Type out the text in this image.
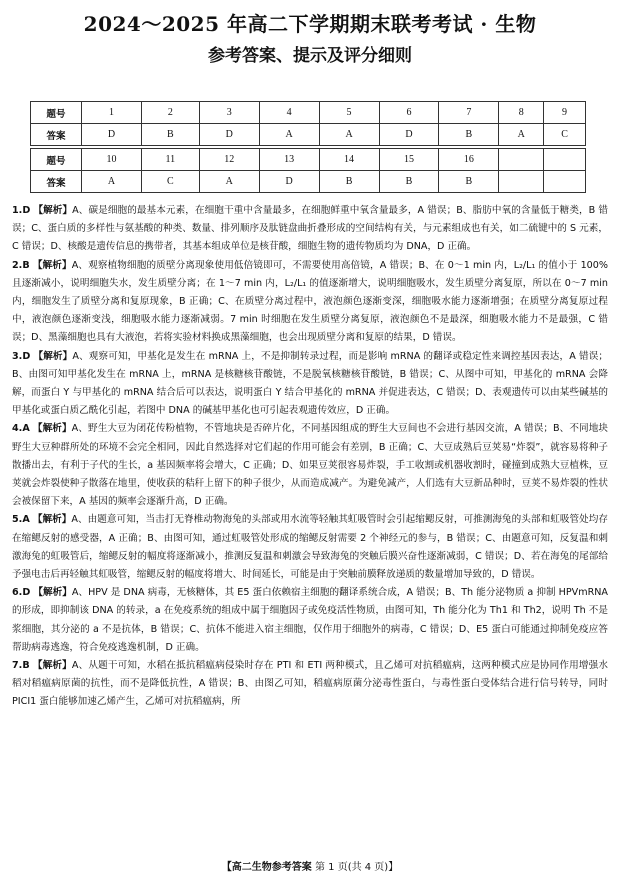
2024～2025 年高二下学期期末联考考试 · 生物
参考答案、提示及评分细则
题号	1	2	3	4	5	6	7	8	9
答案	D	B	D	A	A	D	B	A	C

题号	10	11	12	13	14	15	16		
答案	A	C	A	D	B	B	B		

1.D 【解析】A、碳是细胞的最基本元素，在细胞干重中含量最多，在细胞鲜重中氧含量最多，A 错误；B、脂肪中氧的含量低于糖类，B 错误；C、蛋白质的多样性与氨基酸的种类、数量、排列顺序及肽链盘曲折叠形成的空间结构有关，与元素组成也有关，如二硫键中的 S 元素，C 错误；D、核酸是遗传信息的携带者，其基本组成单位是核苷酸，细胞生物的遗传物质均为 DNA，D 正确。

2.B 【解析】A、观察植物细胞的质壁分离现象使用低倍镜即可，不需要使用高倍镜，A 错误；B、在 0～1 min 内，L₂/L₁ 的值小于 100%且逐渐减小，说明细胞失水，发生质壁分离；在 1～7 min 内，L₂/L₁ 的值逐渐增大，说明细胞吸水，发生质壁分离复原，所以在 0～7 min 内，细胞发生了质壁分离和复原现象，B 正确；C、在质壁分离过程中，液泡颜色逐渐变深，细胞吸水能力逐渐增强；在质壁分离复原过程中，液泡颜色逐渐变浅，细胞吸水能力逐渐减弱。7 min 时细胞在发生质壁分离复原，液泡颜色不是最深，细胞吸水能力不是最强，C 错误；D、黑藻细胞也具有大液泡，若将实验材料换成黑藻细胞，也会出现质壁分离和复原的结果，D 错误。

3.D 【解析】A、观察可知，甲基化是发生在 mRNA 上，不是抑制转录过程，而是影响 mRNA 的翻译或稳定性来调控基因表达，A 错误；B、由图可知甲基化发生在 mRNA 上，mRNA 是核糖核苷酸链，不是脱氧核糖核苷酸链，B 错误；C、从图中可知，甲基化的 mRNA 会降解，而蛋白 Y 与甲基化的 mRNA 结合后可以表达，说明蛋白 Y 结合甲基化的 mRNA 并促进表达，C 错误；D、表观遗传可以由某些碱基的甲基化或蛋白质乙酰化引起，若图中 DNA 的碱基甲基化也可引起表观遗传效应，D 正确。

4.A 【解析】A、野生大豆为闭花传粉植物，不管地块是否碎片化，不同基因组成的野生大豆间也不会进行基因交流，A 错误；B、不同地块野生大豆种群所处的环境不会完全相同，因此自然选择对它们起的作用可能会有差别，B 正确；C、大豆成熟后豆荚易“炸裂”，就容易将种子散播出去，有利于子代的生长，a 基因频率将会增大，C 正确；D、如果豆荚很容易炸裂，手工收割或机器收割时，碰撞到成熟大豆植株，豆荚就会炸裂使种子散落在地里，使收获的秸秆上留下的种子很少，从而造成减产。为避免减产，人们选有大豆新品种时，豆荚不易炸裂的性状会被保留下来，A 基因的频率会逐渐升高，D 正确。

5.A 【解析】A、由题意可知，当击打无脊椎动物海兔的头部或用水流等轻触其虹吸管时会引起缩鳃反射，可推测海兔的头部和虹吸管处均存在缩鳃反射的感受器，A 正确；B、由图可知，通过虹吸管处形成的缩鳃反射需要 2 个神经元的参与，B 错误；C、由题意可知，反复温和刺激海兔的虹吸管后，缩鳃反射的幅度将逐渐减小，推测反复温和刺激会导致海兔的突触后膜兴奋性逐渐减弱，C 错误；D、若在海兔的尾部给予强电击后再轻触其虹吸管，缩鳃反射的幅度将增大、时间延长，可能是由于突触前膜释放递质的数量增加导致的，D 错误。

6.D 【解析】A、HPV 是 DNA 病毒，无核糖体，其 E5 蛋白依赖宿主细胞的翻译系统合成，A 错误；B、Th 能分泌物质 a 抑制 HPVmRNA 的形成，即抑制该 DNA 的转录，a 在免疫系统的组成中属于细胞因子或免疫活性物质，由图可知，Th 能分化为 Th1 和 Th2，说明 Th 不是浆细胞，其分泌的 a 不是抗体，B 错误；C、抗体不能进入宿主细胞，仅作用于细胞外的病毒，C 错误；D、E5 蛋白可能通过抑制免疫应答帮助病毒逃逸，符合免疫逃逸机制，D 正确。

7.B 【解析】A、从题干可知，水稻在抵抗稻瘟病侵染时存在 PTI 和 ETI 两种模式，且乙烯可对抗稻瘟病，这两种模式应是协同作用增强水稻对稻瘟病原菌的抗性，而不是降低抗性，A 错误；B、由图乙可知，稻瘟病原菌分泌毒性蛋白，与毒性蛋白受体结合进行信号转导，同时 PICI1 蛋白能够加速乙烯产生，乙烯可对抗稻瘟病，所

【高二生物参考答案 第 1 页(共 4 页)】
